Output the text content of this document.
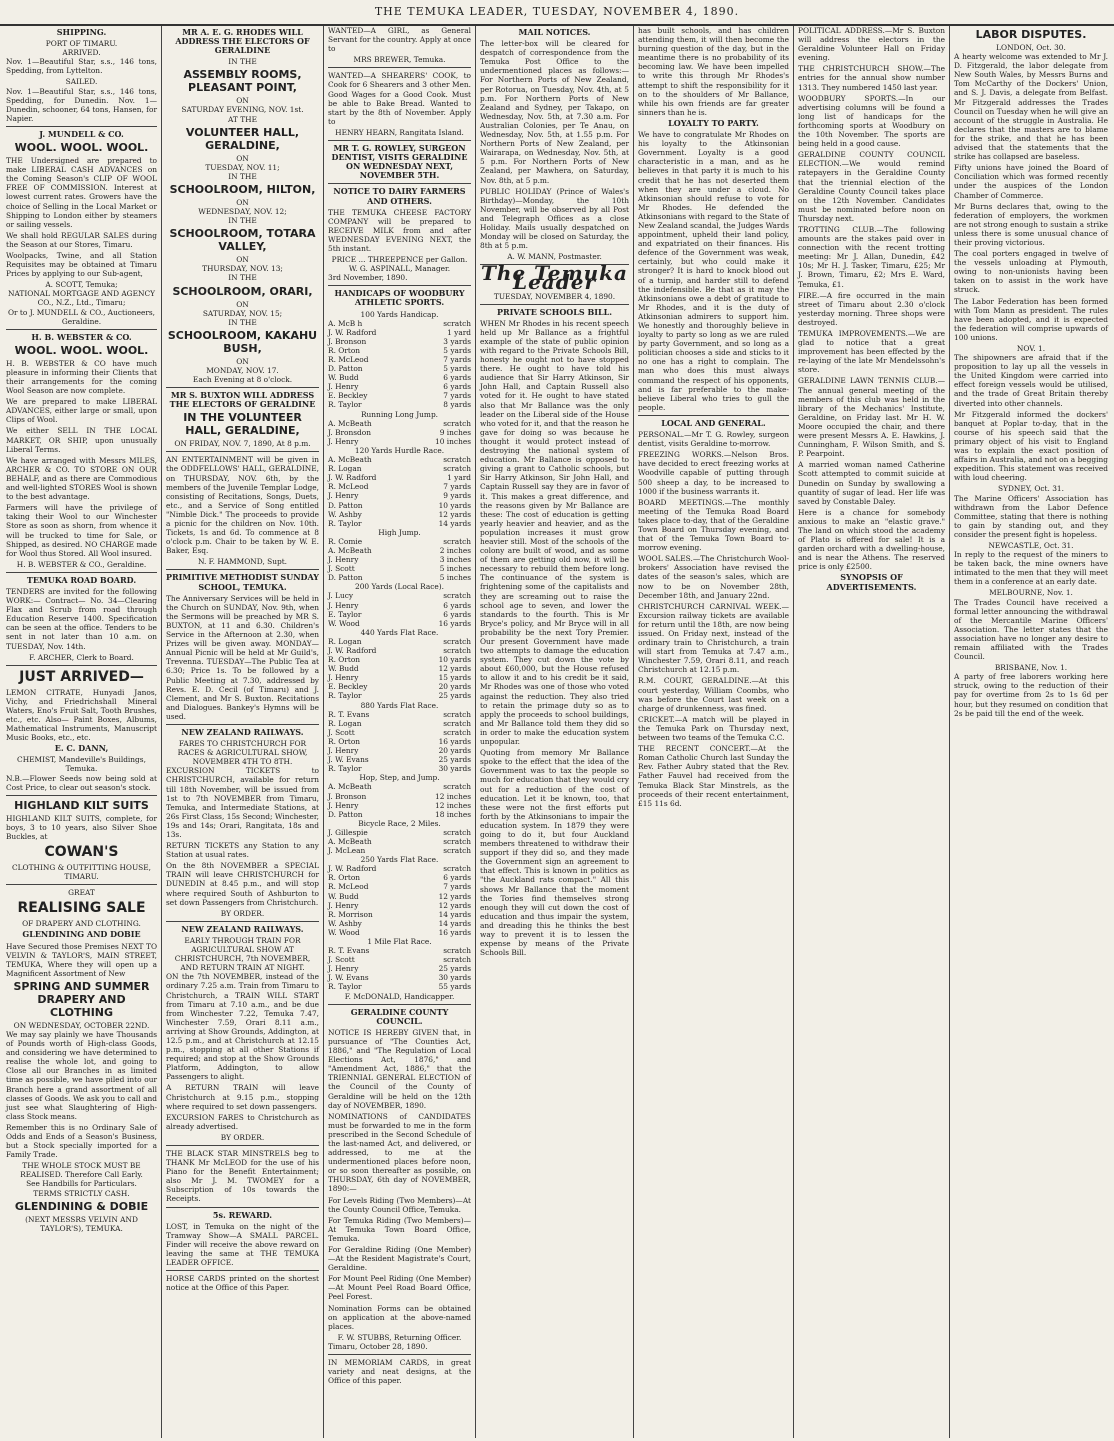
THE TEMUKA LEADER, TUESDAY, NOVEMBER 4, 1890.
SHIPPING.
PORT OF TIMARU.
ARRIVED.

Nov. 1—Beautiful Star, s.s., 146 tons, Spedding, from Lyttelton.

SAILED.

Nov. 1—Beautiful Star, s.s., 146 tons, Spedding, for Dunedin. Nov. 1—Dunedin, schooner, 64 tons, Hansen, for Napier.

J. MUNDELL & CO.
WOOL. WOOL. WOOL.

THE Undersigned are prepared to make LIBERAL CASH ADVANCES on the Coming Season's CLIP OF WOOL FREE OF COMMISSION. Interest at lowest current rates. Growers have the choice of Selling in the Local Market or Shipping to London either by steamers or sailing vessels.

We shall hold REGULAR SALES during the Season at our Stores, Timaru.

Woolpacks, Twine, and all Station Requisites may be obtained at Timaru Prices by applying to our Sub-agent,

A. SCOTT, Temuka;
NATIONAL MORTGAGE AND AGENCY CO., N.Z., Ltd., Timaru;
Or to J. MUNDELL & CO., Auctioneers, Geraldine.
H. B. WEBSTER & CO.
WOOL. WOOL. WOOL.

H. B. WEBSTER & CO have much pleasure in informing their Clients that their arrangements for the coming Wool Season are now complete.

We are prepared to make LIBERAL ADVANCES, either large or small, upon Clips of Wool.

We either SELL IN THE LOCAL MARKET, OR SHIP, upon unusually Liberal Terms.

We have arranged with Messrs MILES, ARCHER & CO. TO STORE ON OUR BEHALF, and as there are Commodious and well-lighted STORES Wool is shown to the best advantage.

Farmers will have the privilege of taking their Wool to our Winchester Store as soon as shorn, from whence it will be trucked to time for Sale, or Shipped, as desired. NO CHARGE made for Wool thus Stored. All Wool insured.

H. B. WEBSTER & CO., Geraldine.
TEMUKA ROAD BOARD.

TENDERS are invited for the following WORK:— Contract— No. 34—Clearing Flax and Scrub from road through Education Reserve 1400. Specification can be seen at the office. Tenders to be sent in not later than 10 a.m. on TUESDAY, Nov. 14th.

F. ARCHER, Clerk to Board.
JUST ARRIVED—

LEMON CITRATE, Hunyadi Janos, Vichy, and Friedrichshall Mineral Waters, Eno's Fruit Salt, Tooth Brushes, etc., etc. Also— Paint Boxes, Albums, Mathematical Instruments, Manuscript Music Books, etc., etc.

E. C. DANN,
CHEMIST, Mandeville's Buildings, Temuka.

N.B.—Flower Seeds now being sold at Cost Price, to clear out season's stock.

HIGHLAND KILT SUITS

HIGHLAND KILT SUITS, complete, for boys, 3 to 10 years, also Silver Shoe Buckles, at

COWAN'S
CLOTHING & OUTFITTING HOUSE, TIMARU.
GREAT
REALISING SALE
OF DRAPERY AND CLOTHING.
GLENDINING AND DOBIE

Have Secured those Premises NEXT TO VELVIN & TAYLOR'S, MAIN STREET, TEMUKA, Where they will open up a Magnificent Assortment of New

SPRING AND SUMMER DRAPERY AND CLOTHING
ON WEDNESDAY, OCTOBER 22ND.

We may say plainly we have Thousands of Pounds worth of High-class Goods, and considering we have determined to realise the whole lot, and going to Close all our Branches in as limited time as possible, we have piled into our Branch here a grand assortment of all classes of Goods. We ask you to call and just see what Slaughtering of High-class Stock means.

Remember this is no Ordinary Sale of Odds and Ends of a Season's Business, but a Stock specially imported for a Family Trade.

THE WHOLE STOCK MUST BE REALISED. Therefore Call Early.
See Handbills for Particulars.
TERMS STRICTLY CASH.
GLENDINING & DOBIE
(NEXT MESSRS VELVIN AND TAYLOR'S), TEMUKA.
MR A. E. G. RHODES WILL ADDRESS THE ELECTORS OF GERALDINE
IN THE
ASSEMBLY ROOMS, PLEASANT POINT,
ON
SATURDAY EVENING, NOV. 1st.
AT THE
VOLUNTEER HALL, GERALDINE,
ON
TUESDAY, NOV. 11;
IN THE
SCHOOLROOM, HILTON,
ON
WEDNESDAY, NOV. 12;
IN THE
SCHOOLROOM, TOTARA VALLEY,
ON
THURSDAY, NOV. 13;
IN THE
SCHOOLROOM, ORARI,
ON
SATURDAY, NOV. 15;
IN THE
SCHOOLROOM, KAKAHU BUSH,
ON
MONDAY, NOV. 17.
Each Evening at 8 o'clock.
MR S. BUXTON WILL ADDRESS THE ELECTORS OF GERALDINE
IN THE VOLUNTEER HALL, GERALDINE,
ON FRIDAY, NOV. 7, 1890, At 8 p.m.

AN ENTERTAINMENT will be given in the ODDFELLOWS' HALL, GERALDINE, on THURSDAY, NOV. 6th, by the members of the Juvenile Templar Lodge, consisting of Recitations, Songs, Duets, etc., and a Service of Song entitled "Nimble Dick." The proceeds to provide a picnic for the children on Nov. 10th. Tickets, 1s and 6d. To commence at 8 o'clock p.m. Chair to be taken by W. E. Baker, Esq.

N. F. HAMMOND, Supt.
PRIMITIVE METHODIST SUNDAY SCHOOL, TEMUKA.

The Anniversary Services will be held in the Church on SUNDAY, Nov. 9th, when the Sermons will be preached by MR S. BUXTON, at 11 and 6.30. Children's Service in the Afternoon at 2.30, when Prizes will be given away. MONDAY—Annual Picnic will be held at Mr Guild's, Trevenna. TUESDAY—The Public Tea at 6.30; Price 1s. To be followed by a Public Meeting at 7.30, addressed by Revs. E. D. Cecil (of Timaru) and J. Clement, and Mr S. Buxton. Recitations and Dialogues. Bankey's Hymns will be used.

NEW ZEALAND RAILWAYS.
FARES TO CHRISTCHURCH FOR RACES & AGRICULTURAL SHOW, NOVEMBER 4TH TO 8TH.

EXCURSION TICKETS to CHRISTCHURCH, available for return till 18th November, will be issued from 1st to 7th NOVEMBER from Timaru, Temuka, and Intermediate Stations, at 26s First Class, 15s Second; Winchester, 19s and 14s; Orari, Rangitata, 18s and 13s.

RETURN TICKETS any Station to any Station at usual rates.

On the 8th NOVEMBER a SPECIAL TRAIN will leave CHRISTCHURCH for DUNEDIN at 8.45 p.m., and will stop where required South of Ashburton to set down Passengers from Christchurch.

BY ORDER.
NEW ZEALAND RAILWAYS.
EARLY THROUGH TRAIN FOR AGRICULTURAL SHOW AT CHRISTCHURCH, 7th NOVEMBER, AND RETURN TRAIN AT NIGHT.

ON the 7th NOVEMBER, instead of the ordinary 7.25 a.m. Train from Timaru to Christchurch, a TRAIN WILL START from Timaru at 7.10 a.m., and be due from Winchester 7.22, Temuka 7.47, Winchester 7.59, Orari 8.11 a.m., arriving at Show Grounds, Addington, at 12.5 p.m., and at Christchurch at 12.15 p.m., stopping at all other Stations if required; and stop at the Show Grounds Platform, Addington, to allow Passengers to alight.

A RETURN TRAIN will leave Christchurch at 9.15 p.m., stopping where required to set down passengers.

EXCURSION FARES to Christchurch as already advertised.

BY ORDER.

THE BLACK STAR MINSTRELS beg to THANK Mr McLEOD for the use of his Piano for the Benefit Entertainment; also Mr J. M. TWOMEY for a Subscription of 10s towards the Receipts.

5s. REWARD.

LOST, in Temuka on the night of the Tramway Show—A SMALL PARCEL. Finder will receive the above reward on leaving the same at THE TEMUKA LEADER OFFICE.

HORSE CARDS printed on the shortest notice at the Office of this Paper.

WANTED—A GIRL, as General Servant for the country. Apply at once to

MRS BREWER, Temuka.

WANTED—A SHEARERS' COOK, to Cook for 6 Shearers and 3 other Men. Good Wages for a Good Cook. Must be able to Bake Bread. Wanted to start by the 8th of November. Apply to

HENRY HEARN, Rangitata Island.
MR T. G. ROWLEY, SURGEON DENTIST, VISITS GERALDINE ON WEDNESDAY NEXT, NOVEMBER 5TH.
NOTICE TO DAIRY FARMERS AND OTHERS.

THE TEMUKA CHEESE FACTORY COMPANY will be prepared to RECEIVE MILK from and after WEDNESDAY EVENING NEXT, the 5th instant.

PRICE ... THREEPENCE per Gallon.
W. G. ASPINALL, Manager.
3rd November, 1890.
HANDICAPS OF WOODBURY ATHLETIC SPORTS.
100 Yards Handicap.
A. McB h	scratch
J. W. Radford	1 yard
J. Bronson	3 yards
R. Orton	5 yards
R. McLeod	7 yards
D. Patton	5 yards
W. Budd	6 yards
J. Henry	6 yards
E. Beckley	7 yards
R. Taylor	8 yards
Running Long Jump.
A. McBeath	scratch
J. Bronsdon	9 inches
J. Henry	10 inches
120 Yards Hurdle Race.
A. McBeath	scratch
R. Logan	scratch
J. W. Radford	1 yard
R. McLeod	7 yards
J. Henry	9 yards
D. Patton	10 yards
W. Ashby	12 yards
R. Taylor	14 yards
High Jump.
R. Comie	scratch
A. McBeath	2 inches
J. Henry	3 inches
J. Scott	5 inches
D. Patton	5 inches
200 Yards (Local Race).
J. Lucy	scratch
J. Henry	6 yards
E. Taylor	6 yards
W. Wood	16 yards
440 Yards Flat Race.
R. Logan	scratch
J. W. Radford	scratch
R. Orton	10 yards
W. Budd	12 yards
J. Henry	15 yards
E. Beckley	20 yards
R. Taylor	25 yards
880 Yards Flat Race.
R. T. Evans	scratch
R. Logan	scratch
J. Scott	scratch
R. Orton	16 yards
J. Henry	20 yards
J. W. Evans	25 yards
R. Taylor	30 yards
Hop, Step, and Jump.
A. McBeath	scratch
J. Bronson	12 inches
J. Henry	12 inches
D. Patton	18 inches
Bicycle Race, 2 Miles.
J. Gillespie	scratch
A. McBeath	scratch
J. McLean	scratch
250 Yards Flat Race.
J. W. Radford	scratch
R. Orton	6 yards
R. McLeod	7 yards
W. Budd	12 yards
J. Henry	12 yards
R. Morrison	14 yards
W. Ashby	14 yards
W. Wood	16 yards
1 Mile Flat Race.
R. T. Evans	scratch
J. Scott	scratch
J. Henry	25 yards
J. W. Evans	30 yards
R. Taylor	55 yards
F. McDONALD, Handicapper.
GERALDINE COUNTY COUNCIL.

NOTICE IS HEREBY GIVEN that, in pursuance of "The Counties Act, 1886," and "The Regulation of Local Elections Act, 1876," and "Amendment Act, 1886," that the TRIENNIAL GENERAL ELECTION of the Council of the County of Geraldine will be held on the 12th day of NOVEMBER, 1890.

NOMINATIONS of CANDIDATES must be forwarded to me in the form prescribed in the Second Schedule of the last-named Act, and delivered, or addressed, to me at the undermentioned places before noon, or so soon thereafter as possible, on THURSDAY, 6th day of NOVEMBER, 1890:—

For Levels Riding (Two Members)—At the County Council Office, Temuka.

For Temuka Riding (Two Members)—At Temuka Town Board Office, Temuka.

For Geraldine Riding (One Member)—At the Resident Magistrate's Court, Geraldine.

For Mount Peel Riding (One Member)—At Mount Peel Road Board Office, Peel Forest.

Nomination Forms can be obtained on application at the above-named places.

F. W. STUBBS, Returning Officer.
Timaru, October 28, 1890.

IN MEMORIAM CARDS, in great variety and neat designs, at the Office of this paper.

MAIL NOTICES.

The letter-box will be cleared for despatch of correspondence from the Temuka Post Office to the undermentioned places as follows:— For Northern Ports of New Zealand, per Rotorua, on Tuesday, Nov. 4th, at 5 p.m. For Northern Ports of New Zealand and Sydney, per Takapo, on Wednesday, Nov. 5th, at 7.30 a.m. For Australian Colonies, per Te Anau, on Wednesday, Nov. 5th, at 1.55 p.m. For Northern Ports of New Zealand, per Wairarapa, on Wednesday, Nov. 5th, at 5 p.m. For Northern Ports of New Zealand, per Mawhera, on Saturday, Nov. 8th, at 5 p.m.

PUBLIC HOLIDAY (Prince of Wales's Birthday)—Monday, the 10th November, will be observed by all Post and Telegraph Offices as a close Holiday. Mails usually despatched on Monday will be closed on Saturday, the 8th at 5 p.m.

A. W. MANN, Postmaster.
The Temuka Leader
TUESDAY, NOVEMBER 4, 1890.
PRIVATE SCHOOLS BILL.

WHEN Mr Rhodes in his recent speech held up Mr Ballance as a frightful example of the state of public opinion with regard to the Private Schools Bill, honesty he ought not to have stopped there. He ought to have told his audience that Sir Harry Atkinson, Sir John Hall, and Captain Russell also voted for it. He ought to have stated also that Mr Ballance was the only leader on the Liberal side of the House who voted for it, and that the reason he gave for doing so was because he thought it would protect instead of destroying the national system of education. Mr Ballance is opposed to giving a grant to Catholic schools, but Sir Harry Atkinson, Sir John Hall, and Captain Russell say they are in favor of it. This makes a great difference, and the reasons given by Mr Ballance are these: The cost of education is getting yearly heavier and heavier, and as the population increases it must grow heavier still. Most of the schools of the colony are built of wood, and as some of them are getting old now, it will be necessary to rebuild them before long. The continuance of the system is frightening some of the capitalists and they are screaming out to raise the school age to seven, and lower the standards to the fourth. This is Mr Bryce's policy, and Mr Bryce will in all probability be the next Tory Premier. Our present Government have made two attempts to damage the education system. They cut down the vote by about £60,000, but the House refused to allow it and to his credit be it said, Mr Rhodes was one of those who voted against the reduction. They also tried to retain the primage duty so as to apply the proceeds to school buildings, and Mr Ballance told them they did so in order to make the education system unpopular.

Quoting from memory Mr Ballance spoke to the effect that the idea of the Government was to tax the people so much for education that they would cry out for a reduction of the cost of education. Let it be known, too, that these were not the first efforts put forth by the Atkinsonians to impair the education system. In 1879 they were going to do it, but four Auckland members threatened to withdraw their support if they did so, and they made the Government sign an agreement to that effect. This is known in politics as "the Auckland rats compact." All this shows Mr Ballance that the moment the Tories find themselves strong enough they will cut down the cost of education and thus impair the system, and dreading this he thinks the best way to prevent it is to lessen the expense by means of the Private Schools Bill.

has built schools, and has children attending them, it will then become the burning question of the day, but in the meantime there is no probability of its becoming law. We have been impelled to write this through Mr Rhodes's attempt to shift the responsibility for it on to the shoulders of Mr Ballance, while his own friends are far greater sinners than he is.

LOYALTY TO PARTY.

We have to congratulate Mr Rhodes on his loyalty to the Atkinsonian Government. Loyalty is a good characteristic in a man, and as he believes in that party it is much to his credit that he has not deserted them when they are under a cloud. No Atkinsonian should refuse to vote for Mr Rhodes. He defended the Atkinsonians with regard to the State of New Zealand scandal, the Judges Wards appointment, upheld their land policy, and expatriated on their finances. His defence of the Government was weak, certainly, but who could make it stronger? It is hard to knock blood out of a turnip, and harder still to defend the indefensible. Be that as it may the Atkinsonians owe a debt of gratitude to Mr Rhodes, and it is the duty of Atkinsonian admirers to support him. We honestly and thoroughly believe in loyalty to party so long as we are ruled by party Government, and so long as a politician chooses a side and sticks to it no one has a right to complain. The man who does this must always command the respect of his opponents, and is far preferable to the make-believe Liberal who tries to gull the people.

LOCAL AND GENERAL.

PERSONAL.—Mr T. G. Rowley, surgeon dentist, visits Geraldine to-morrow.

FREEZING WORKS.—Nelson Bros. have decided to erect freezing works at Woodville capable of putting through 500 sheep a day, to be increased to 1000 if the business warrants it.

BOARD MEETINGS.—The monthly meeting of the Temuka Road Board takes place to-day, that of the Geraldine Town Board on Thursday evening, and that of the Temuka Town Board to-morrow evening.

WOOL SALES.—The Christchurch Wool-brokers' Association have revised the dates of the season's sales, which are now to be on November 28th, December 18th, and January 22nd.

CHRISTCHURCH CARNIVAL WEEK.—Excursion railway tickets are available for return until the 18th, are now being issued. On Friday next, instead of the ordinary train to Christchurch, a train will start from Temuka at 7.47 a.m., Winchester 7.59, Orari 8.11, and reach Christchurch at 12.15 p.m.

R.M. COURT, GERALDINE.—At this court yesterday, William Coombs, who was before the Court last week on a charge of drunkenness, was fined.

CRICKET.—A match will be played in the Temuka Park on Thursday next, between two teams of the Temuka C.C.

THE RECENT CONCERT.—At the Roman Catholic Church last Sunday the Rev. Father Aubry stated that the Rev. Father Fauvel had received from the Temuka Black Star Minstrels, as the proceeds of their recent entertainment, £15 11s 6d.

POLITICAL ADDRESS.—Mr S. Buxton will address the electors in the Geraldine Volunteer Hall on Friday evening.

THE CHRISTCHURCH SHOW.—The entries for the annual show number 1313. They numbered 1450 last year.

WOODBURY SPORTS.—In our advertising columns will be found a long list of handicaps for the forthcoming sports at Woodbury on the 10th November. The sports are being held in a good cause.

GERALDINE COUNTY COUNCIL ELECTION.—We would remind ratepayers in the Geraldine County that the triennial election of the Geraldine County Council takes place on the 12th November. Candidates must be nominated before noon on Thursday next.

TROTTING CLUB.—The following amounts are the stakes paid over in connection with the recent trotting meeting: Mr J. Allan, Dunedin, £42 10s; Mr H. J. Tasker, Timaru, £25; Mr J. Brown, Timaru, £2; Mrs E. Ward, Temuka, £1.

FIRE.—A fire occurred in the main street of Timaru about 2.30 o'clock yesterday morning. Three shops were destroyed.

TEMUKA IMPROVEMENTS.—We are glad to notice that a great improvement has been effected by the re-laying of the late Mr Mendelssohn's store.

GERALDINE LAWN TENNIS CLUB.—The annual general meeting of the members of this club was held in the library of the Mechanics' Institute, Geraldine, on Friday last. Mr H. W. Moore occupied the chair, and there were present Messrs A. E. Hawkins, J. Cunningham, F. Wilson Smith, and S. P. Pearpoint.

A married woman named Catherine Scott attempted to commit suicide at Dunedin on Sunday by swallowing a quantity of sugar of lead. Her life was saved by Constable Daley.

Here is a chance for somebody anxious to make an "elastic grave." The land on which stood the academy of Plato is offered for sale! It is a garden orchard with a dwelling-house, and is near the Athens. The reserved price is only £2500.

SYNOPSIS OF ADVERTISEMENTS.
LABOR DISPUTES.
LONDON, Oct. 30.

A hearty welcome was extended to Mr J. D. Fitzgerald, the labor delegate from New South Wales, by Messrs Burns and Tom McCarthy of the Dockers' Union, and S. J. Davis, a delegate from Belfast. Mr Fitzgerald addresses the Trades Council on Tuesday when he will give an account of the struggle in Australia. He declares that the masters are to blame for the strike, and that he has been advised that the statements that the strike has collapsed are baseless.

Fifty unions have joined the Board of Conciliation which was formed recently under the auspices of the London Chamber of Commerce.

Mr Burns declares that, owing to the federation of employers, the workmen are not strong enough to sustain a strike unless there is some unusual chance of their proving victorious.

The coal porters engaged in twelve of the vessels unloading at Plymouth, owing to non-unionists having been taken on to assist in the work have struck.

The Labor Federation has been formed with Tom Mann as president. The rules have been adopted, and it is expected the federation will comprise upwards of 100 unions.

NOV. 1.

The shipowners are afraid that if the proposition to lay up all the vessels in the United Kingdom were carried into effect foreign vessels would be utilised, and the trade of Great Britain thereby diverted into other channels.

Mr Fitzgerald informed the dockers' banquet at Poplar to-day, that in the course of his speech said that the primary object of his visit to England was to explain the exact position of affairs in Australia, and not on a begging expedition. This statement was received with loud cheering.

SYDNEY, Oct. 31.

The Marine Officers' Association has withdrawn from the Labor Defence Committee, stating that there is nothing to gain by standing out, and they consider the present fight is hopeless.

NEWCASTLE, Oct. 31.

In reply to the request of the miners to be taken back, the mine owners have intimated to the men that they will meet them in a conference at an early date.

MELBOURNE, Nov. 1.

The Trades Council have received a formal letter announcing the withdrawal of the Mercantile Marine Officers' Association. The letter states that the association have no longer any desire to remain affiliated with the Trades Council.

BRISBANE, Nov. 1.

A party of free laborers working here struck, owing to the reduction of their pay for overtime from 2s to 1s 6d per hour, but they resumed on condition that 2s be paid till the end of the week.
